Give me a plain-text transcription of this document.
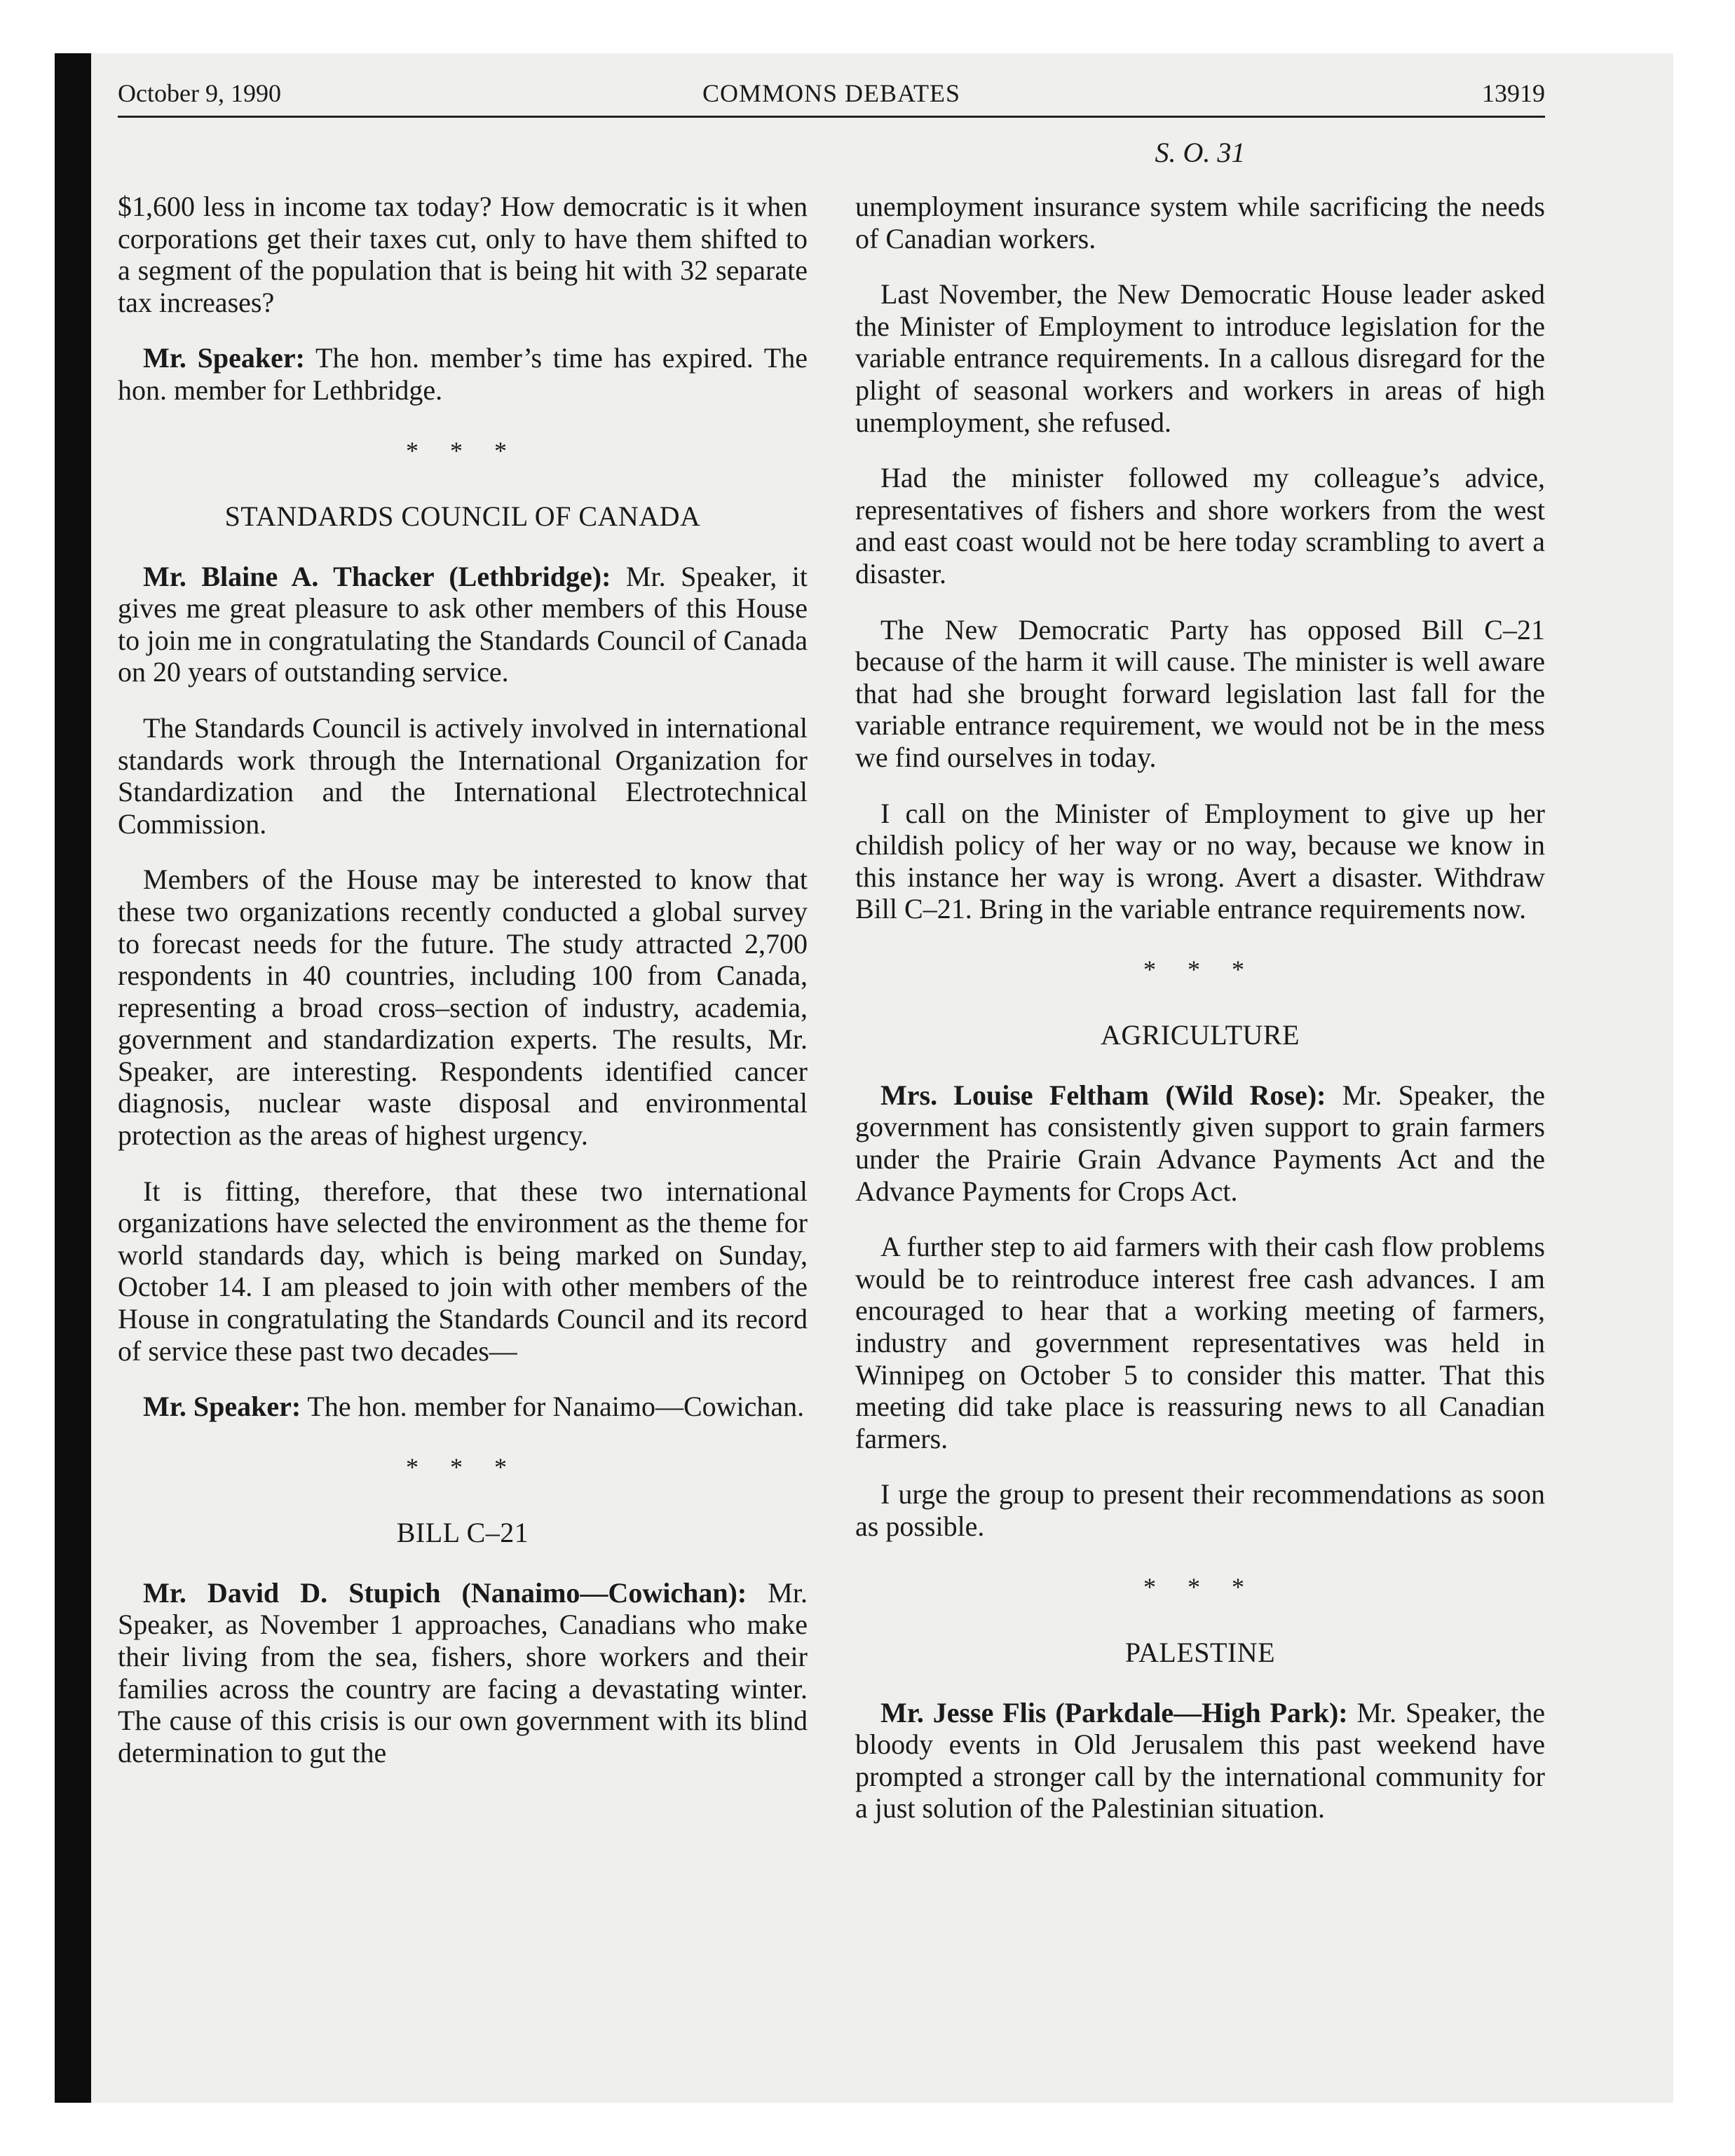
October 9, 1990	COMMONS DEBATES	13919
S. O. 31

$1,600 less in income tax today? How democratic is it when corporations get their taxes cut, only to have them shifted to a segment of the population that is being hit with 32 separate tax increases?

Mr. Speaker: The hon. member’s time has expired. The hon. member for Lethbridge.

* * *
STANDARDS COUNCIL OF CANADA

Mr. Blaine A. Thacker (Lethbridge): Mr. Speaker, it gives me great pleasure to ask other members of this House to join me in congratulating the Standards Council of Canada on 20 years of outstanding service.

The Standards Council is actively involved in international standards work through the International Organization for Standardization and the International Electrotechnical Commission.

Members of the House may be interested to know that these two organizations recently conducted a global survey to forecast needs for the future. The study attracted 2,700 respondents in 40 countries, including 100 from Canada, representing a broad cross–section of industry, academia, government and standardization experts. The results, Mr. Speaker, are interesting. Respondents identified cancer diagnosis, nuclear waste disposal and environmental protection as the areas of highest urgency.

It is fitting, therefore, that these two international organizations have selected the environment as the theme for world standards day, which is being marked on Sunday, October 14. I am pleased to join with other members of the House in congratulating the Standards Council and its record of service these past two decades—

Mr. Speaker: The hon. member for Nanaimo—Cowichan.

* * *
BILL C–21

Mr. David D. Stupich (Nanaimo—Cowichan): Mr. Speaker, as November 1 approaches, Canadians who make their living from the sea, fishers, shore workers and their families across the country are facing a devastating winter. The cause of this crisis is our own government with its blind determination to gut the

unemployment insurance system while sacrificing the needs of Canadian workers.

Last November, the New Democratic House leader asked the Minister of Employment to introduce legislation for the variable entrance requirements. In a callous disregard for the plight of seasonal workers and workers in areas of high unemployment, she refused.

Had the minister followed my colleague’s advice, representatives of fishers and shore workers from the west and east coast would not be here today scrambling to avert a disaster.

The New Democratic Party has opposed Bill C–21 because of the harm it will cause. The minister is well aware that had she brought forward legislation last fall for the variable entrance requirement, we would not be in the mess we find ourselves in today.

I call on the Minister of Employment to give up her childish policy of her way or no way, because we know in this instance her way is wrong. Avert a disaster. Withdraw Bill C–21. Bring in the variable entrance requirements now.

* * *
AGRICULTURE

Mrs. Louise Feltham (Wild Rose): Mr. Speaker, the government has consistently given support to grain farmers under the Prairie Grain Advance Payments Act and the Advance Payments for Crops Act.

A further step to aid farmers with their cash flow problems would be to reintroduce interest free cash advances. I am encouraged to hear that a working meeting of farmers, industry and government representatives was held in Winnipeg on October 5 to consider this matter. That this meeting did take place is reassuring news to all Canadian farmers.

I urge the group to present their recommendations as soon as possible.

* * *
PALESTINE

Mr. Jesse Flis (Parkdale—High Park): Mr. Speaker, the bloody events in Old Jerusalem this past weekend have prompted a stronger call by the international community for a just solution of the Palestinian situation.
